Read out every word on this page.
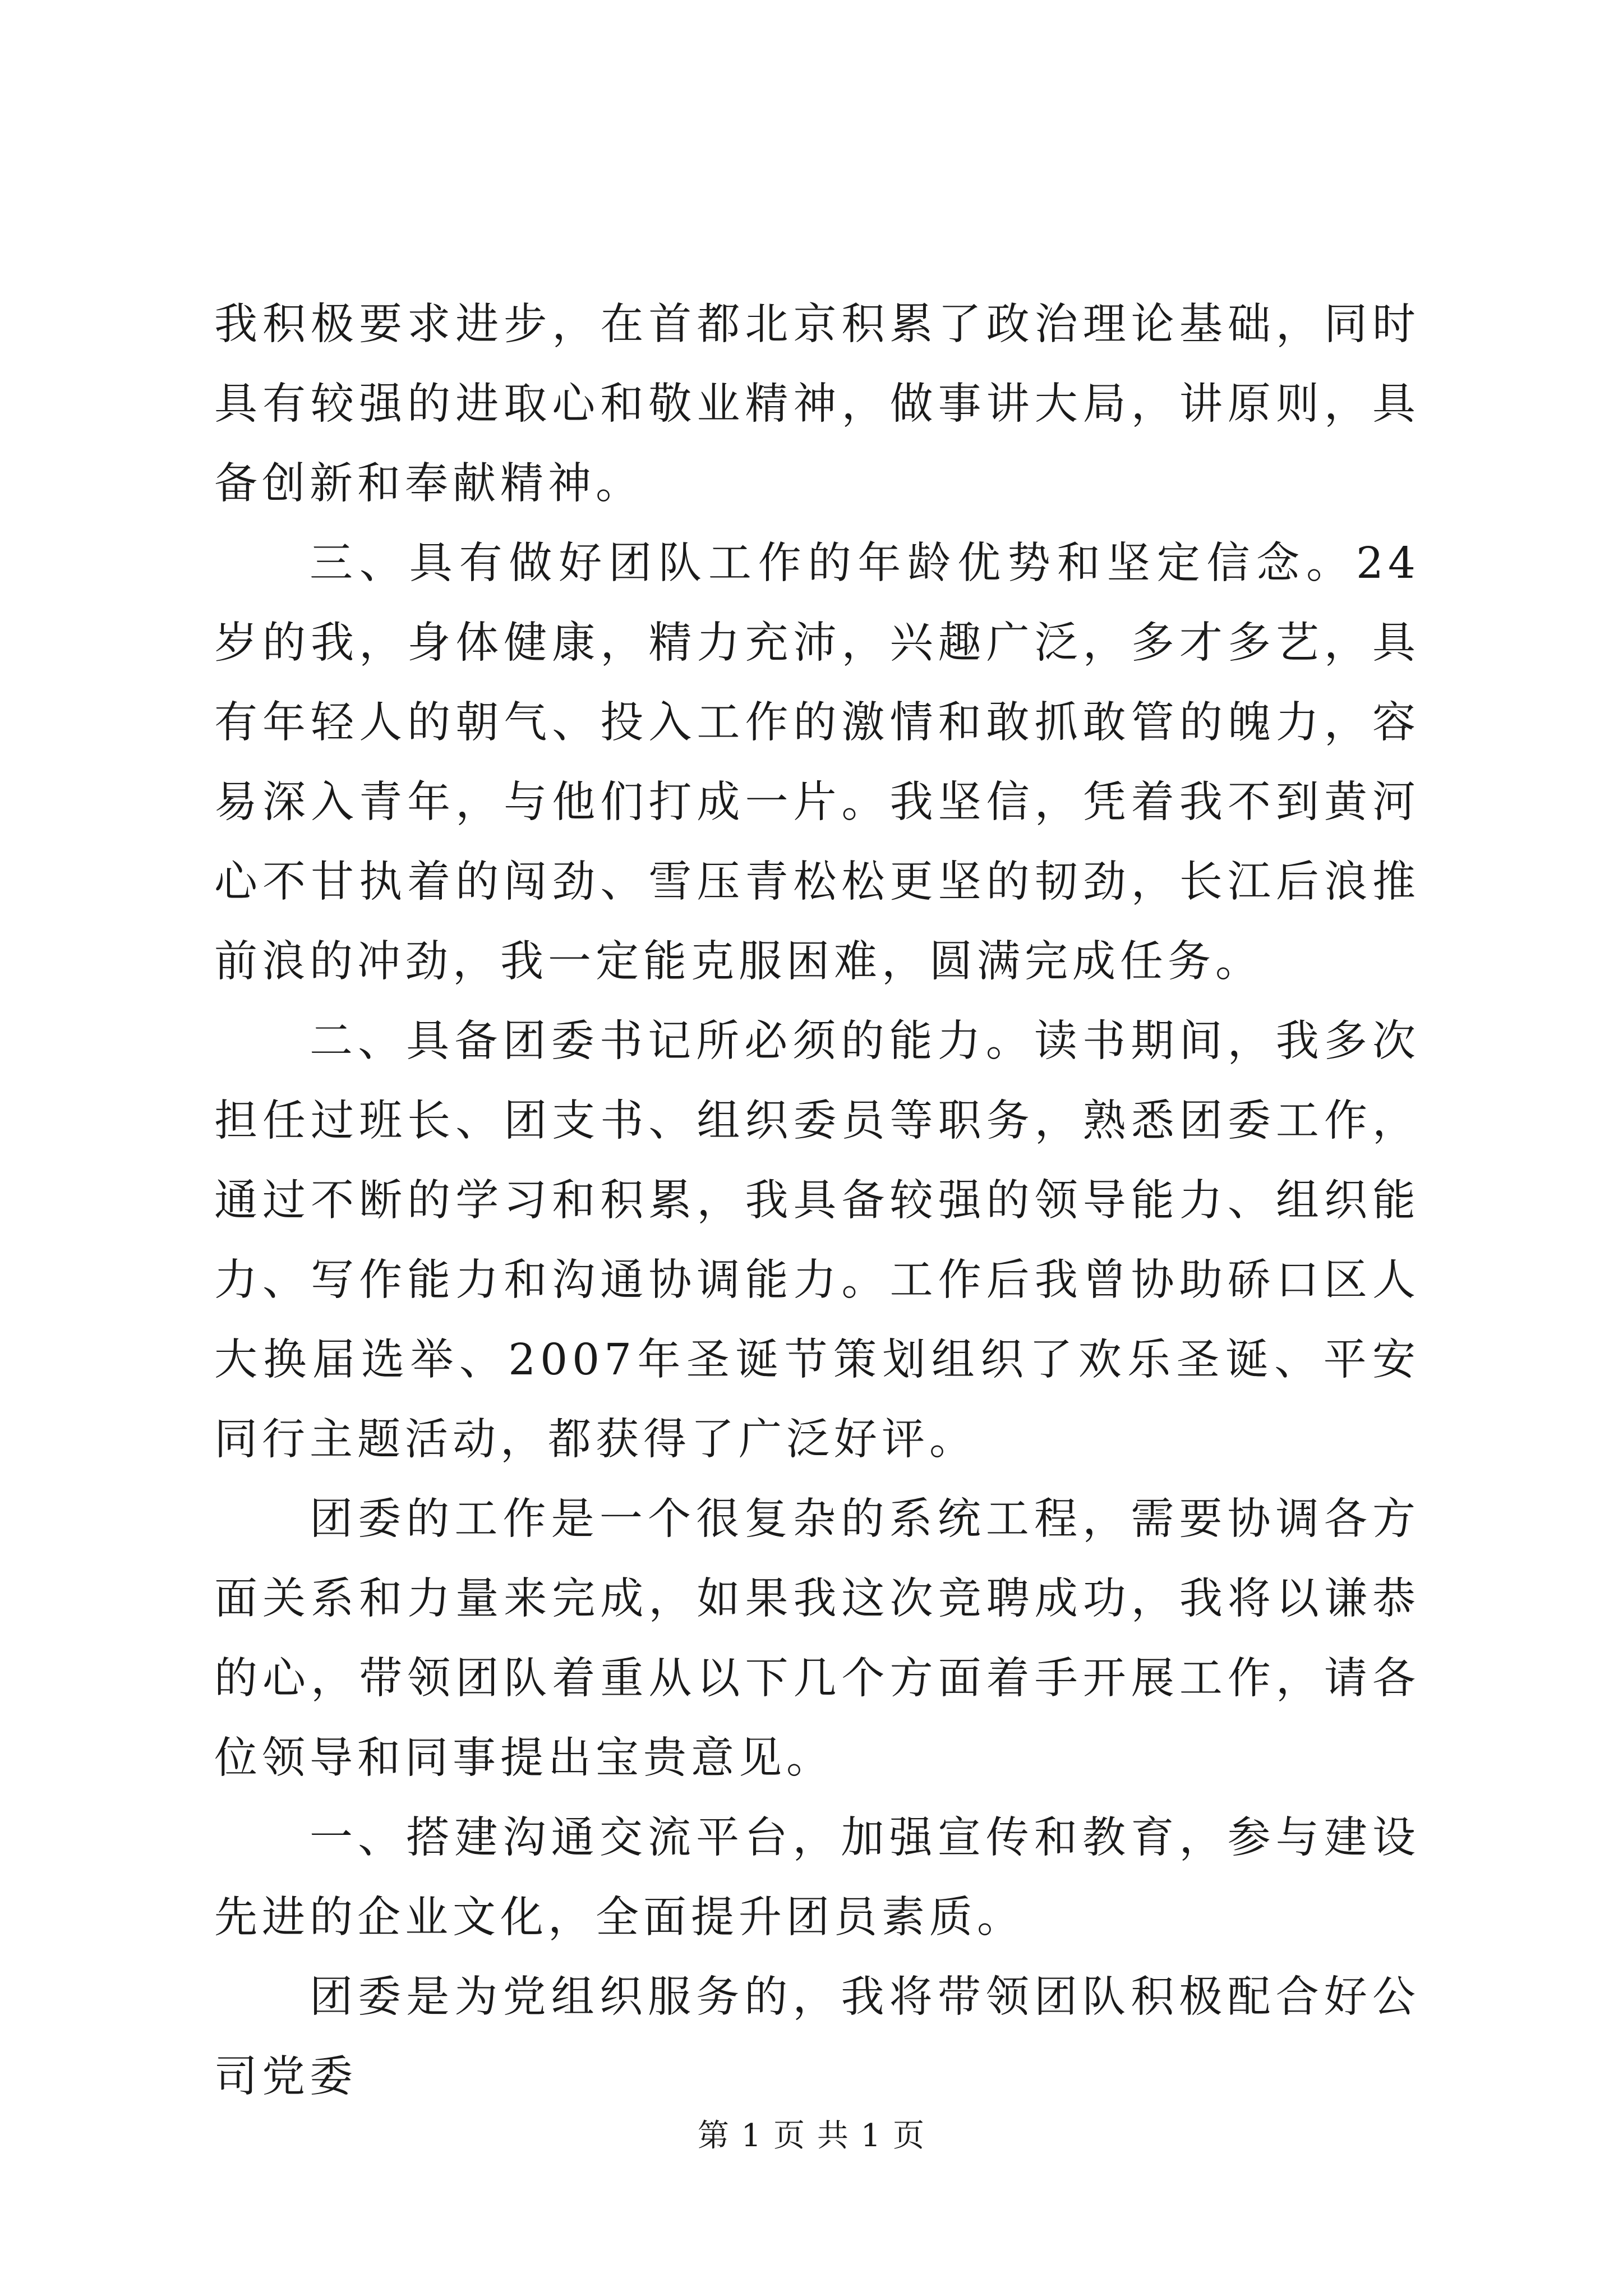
我积极要求进步，在首都北京积累了政治理论基础，同时具有较强的进取心和敬业精神，做事讲大局，讲原则，具备创新和奉献精神。

三、具有做好团队工作的年龄优势和坚定信念。24岁的我，身体健康，精力充沛，兴趣广泛，多才多艺，具有年轻人的朝气、投入工作的激情和敢抓敢管的魄力，容易深入青年，与他们打成一片。我坚信，凭着我不到黄河心不甘执着的闯劲、雪压青松松更坚的韧劲，长江后浪推前浪的冲劲，我一定能克服困难，圆满完成任务。

二、具备团委书记所必须的能力。读书期间，我多次担任过班长、团支书、组织委员等职务，熟悉团委工作，通过不断的学习和积累，我具备较强的领导能力、组织能力、写作能力和沟通协调能力。工作后我曾协助硚口区人大换届选举、2007年圣诞节策划组织了欢乐圣诞、平安同行主题活动，都获得了广泛好评。

团委的工作是一个很复杂的系统工程，需要协调各方面关系和力量来完成，如果我这次竞聘成功，我将以谦恭的心，带领团队着重从以下几个方面着手开展工作，请各位领导和同事提出宝贵意见。

一、搭建沟通交流平台，加强宣传和教育，参与建设先进的企业文化，全面提升团员素质。

团委是为党组织服务的，我将带领团队积极配合好公司党委

第 1 页 共 1 页
